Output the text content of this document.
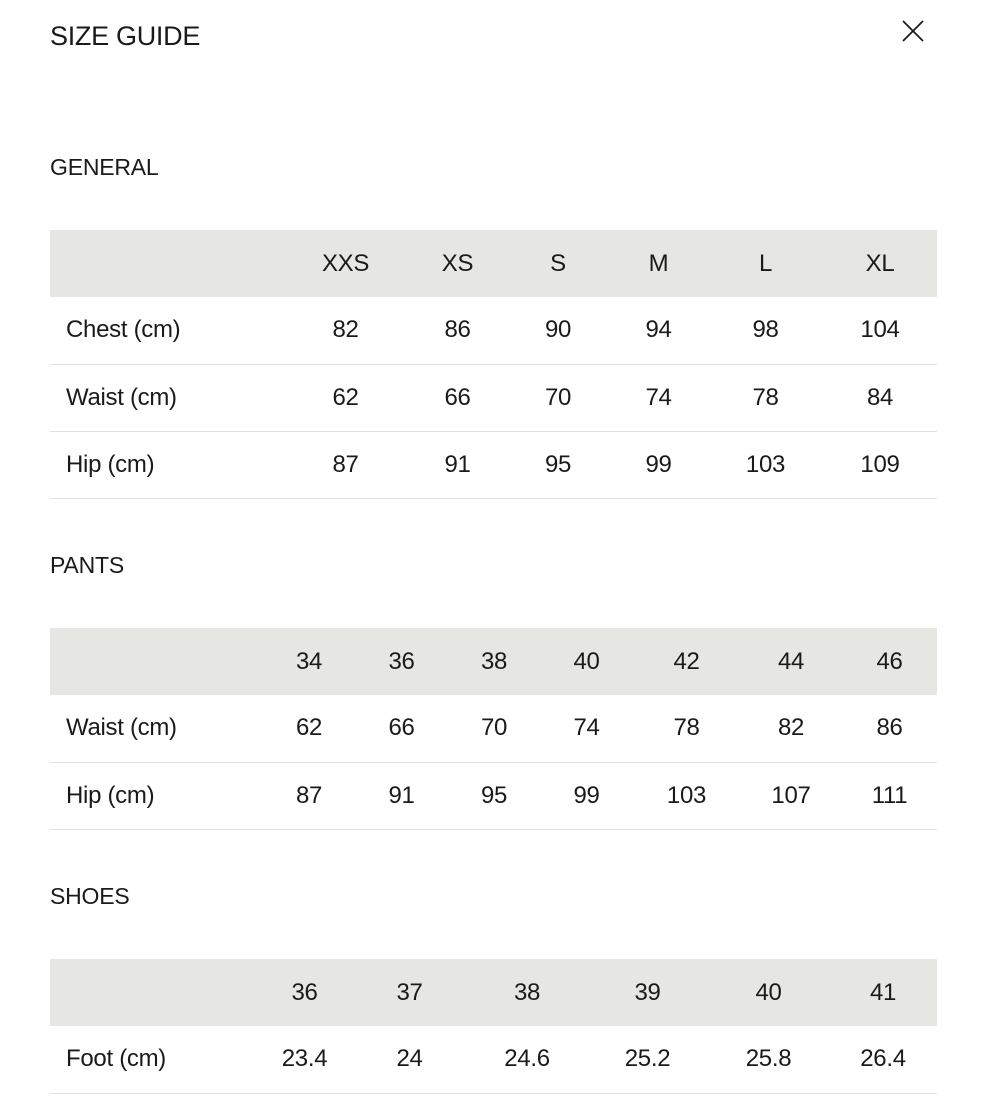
SIZE GUIDE
GENERAL
	XXS	XS	S	M	L	XL
Chest (cm)	82	86	90	94	98	104
Waist (cm)	62	66	70	74	78	84
Hip (cm)	87	91	95	99	103	109
PANTS
	34	36	38	40	42	44	46
Waist (cm)	62	66	70	74	78	82	86
Hip (cm)	87	91	95	99	103	107	111
SHOES
	36	37	38	39	40	41
Foot (cm)	23.4	24	24.6	25.2	25.8	26.4
